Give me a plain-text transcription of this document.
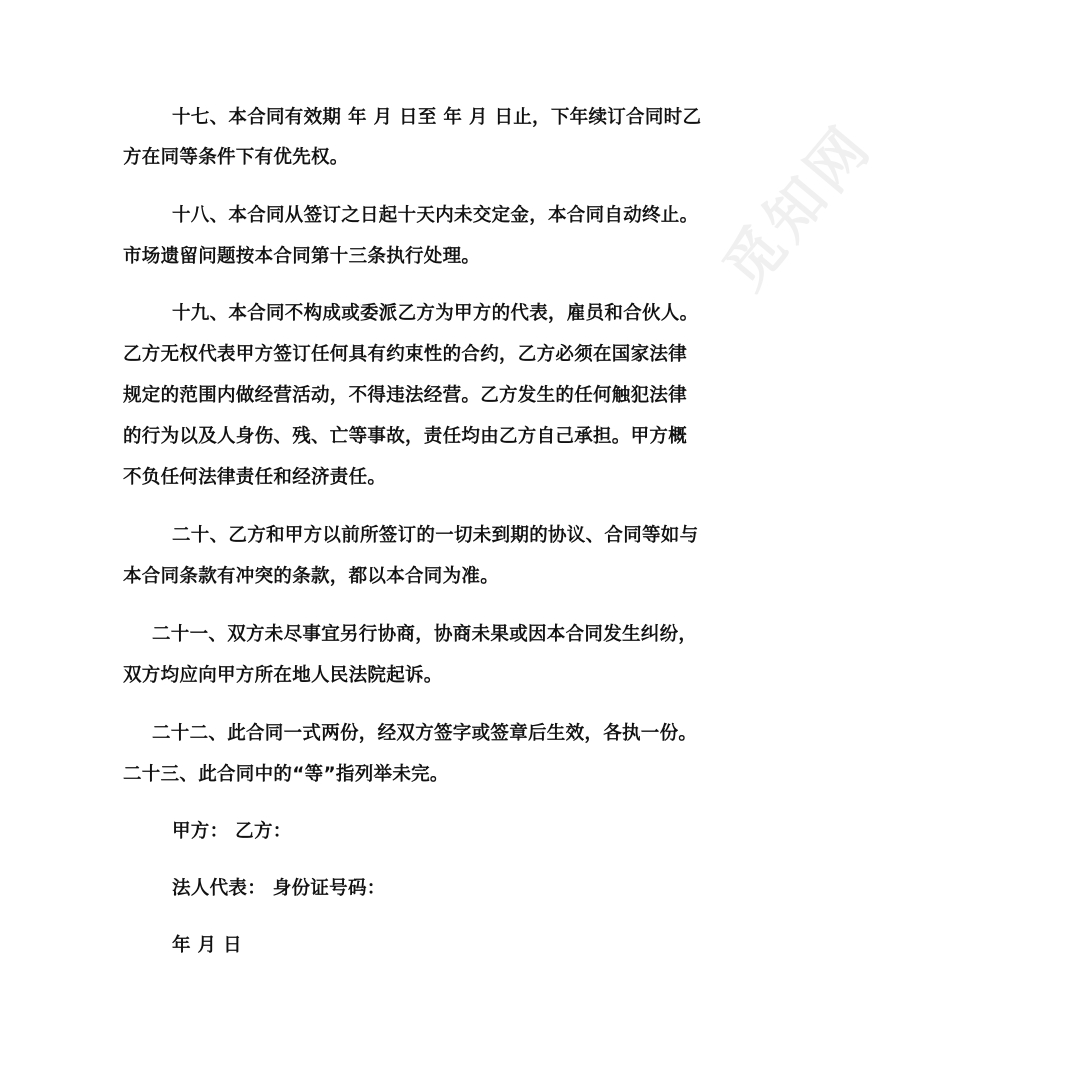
十七、本合同有效期 年 月 日至 年 月 日止，下年续订合同时乙
方在同等条件下有优先权。
十八、本合同从签订之日起十天内未交定金，本合同自动终止。
市场遗留问题按本合同第十三条执行处理。
十九、本合同不构成或委派乙方为甲方的代表，雇员和合伙人。
乙方无权代表甲方签订任何具有约束性的合约，乙方必须在国家法律
规定的范围内做经营活动，不得违法经营。乙方发生的任何触犯法律
的行为以及人身伤、残、亡等事故，责任均由乙方自己承担。甲方概
不负任何法律责任和经济责任。
二十、乙方和甲方以前所签订的一切未到期的协议、合同等如与
本合同条款有冲突的条款，都以本合同为准。
二十一、双方未尽事宜另行协商，协商未果或因本合同发生纠纷，
双方均应向甲方所在地人民法院起诉。
二十二、此合同一式两份，经双方签字或签章后生效，各执一份。
二十三、此合同中的“等”指列举未完。
甲方： 乙方：
法人代表： 身份证号码：
年 月 日
觅知网
